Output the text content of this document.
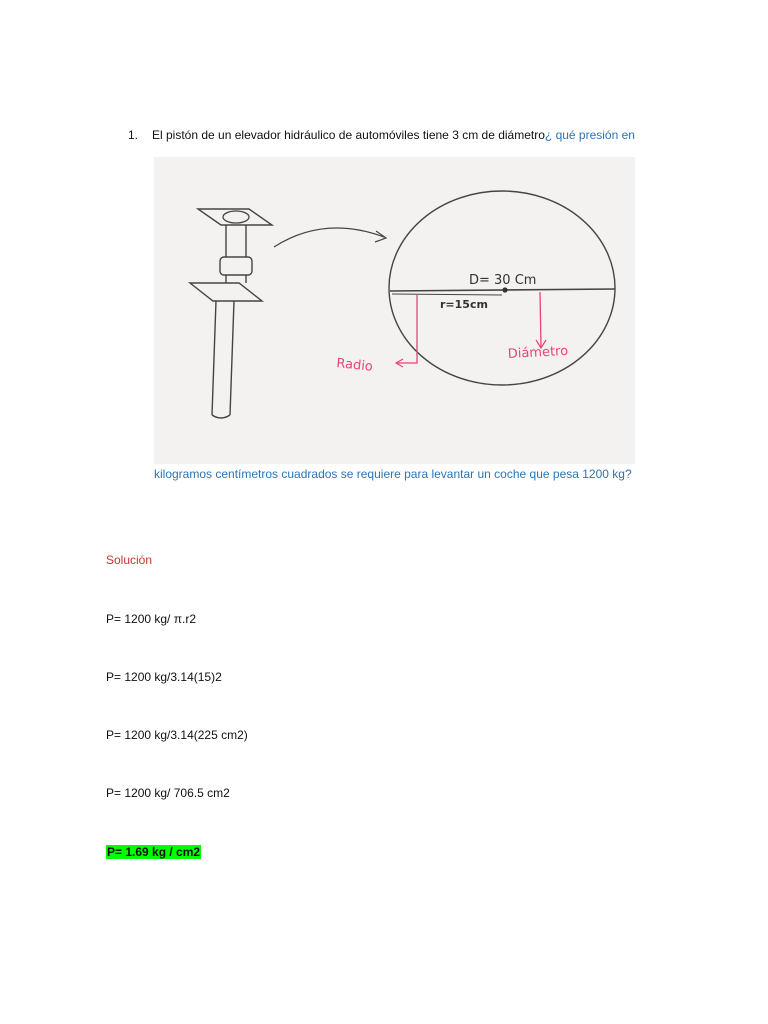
1. El pistón de un elevador hidráulico de automóviles tiene 3 cm de diámetro¿ qué presión en
D= 30 Cm
r=15cm
Radio
Diámetro
kilogramos centímetros cuadrados se requiere para levantar un coche que pesa 1200 kg?
Solución
P= 1200 kg/ π.r2
P= 1200 kg/3.14(15)2
P= 1200 kg/3.14(225 cm2)
P= 1200 kg/ 706.5 cm2
P= 1.69 kg / cm2
